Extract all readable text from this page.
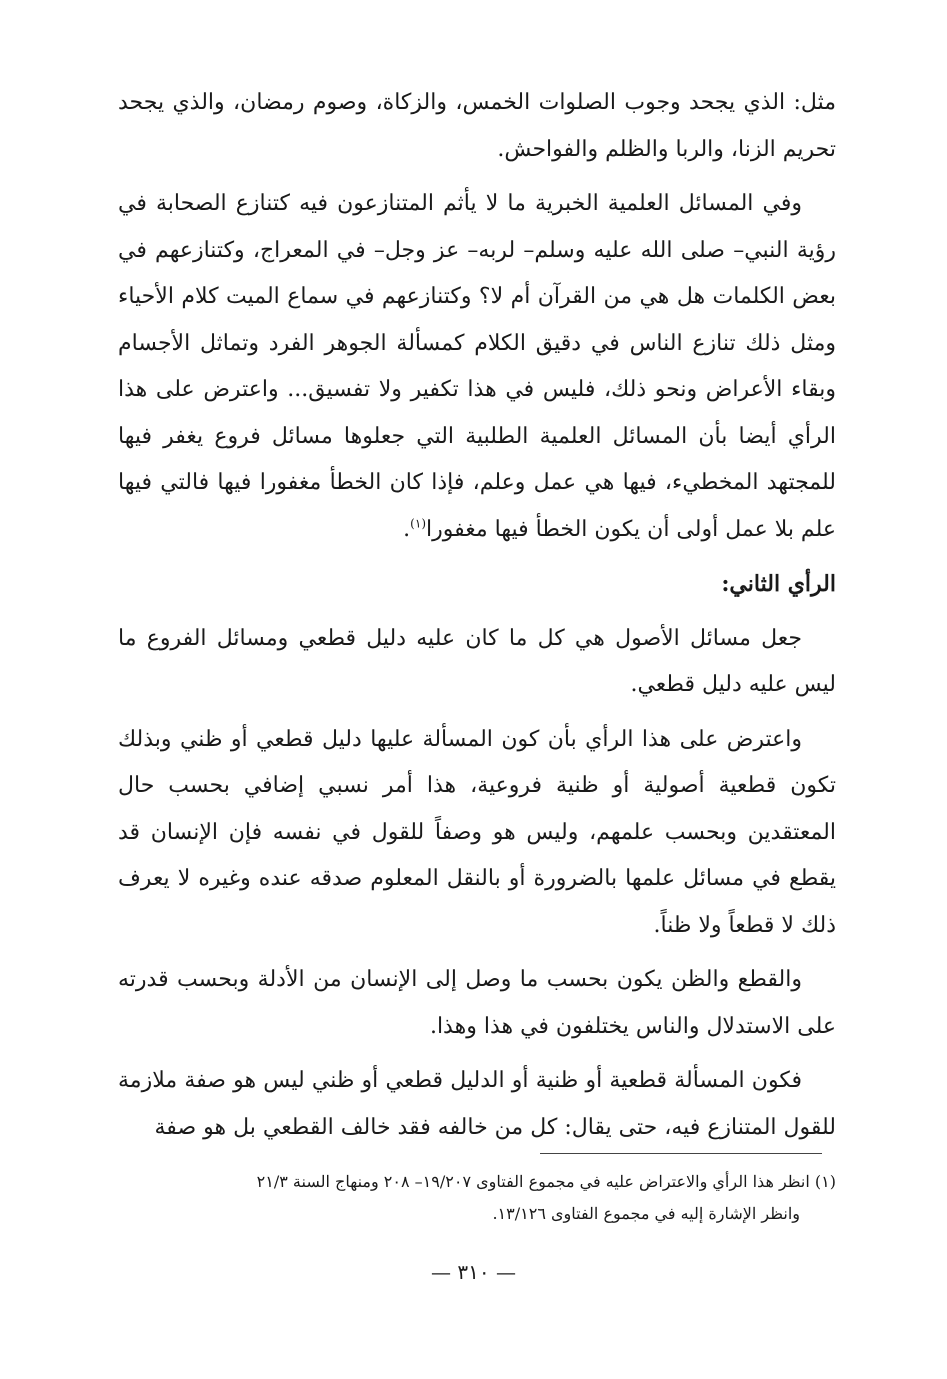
مثل: الذي يجحد وجوب الصلوات الخمس، والزكاة، وصوم رمضان، والذي يجحد تحريم الزنا، والربا والظلم والفواحش.

وفي المسائل العلمية الخبرية ما لا يأثم المتنازعون فيه كتنازع الصحابة في رؤية النبي– صلى الله عليه وسلم– لربه– عز وجل– في المعراج، وكتنازعهم في بعض الكلمات هل هي من القرآن أم لا؟ وكتنازعهم في سماع الميت كلام الأحياء ومثل ذلك تنازع الناس في دقيق الكلام كمسألة الجوهر الفرد وتماثل الأجسام وبقاء الأعراض ونحو ذلك، فليس في هذا تكفير ولا تفسيق... واعترض على هذا الرأي أيضا بأن المسائل العلمية الطلبية التي جعلوها مسائل فروع يغفر فيها للمجتهد المخطيء، فيها هي عمل وعلم، فإذا كان الخطأ مغفورا فيها فالتي فيها علم بلا عمل أولى أن يكون الخطأ فيها مغفورا$^{(١)}$.

الرأي الثاني:

جعل مسائل الأصول هي كل ما كان عليه دليل قطعي ومسائل الفروع ما ليس عليه دليل قطعي.

واعترض على هذا الرأي بأن كون المسألة عليها دليل قطعي أو ظني وبذلك تكون قطعية أصولية أو ظنية فروعية، هذا أمر نسبي إضافي بحسب حال المعتقدين وبحسب علمهم، وليس هو وصفاً للقول في نفسه فإن الإنسان قد يقطع في مسائل علمها بالضرورة أو بالنقل المعلوم صدقه عنده وغيره لا يعرف ذلك لا قطعاً ولا ظناً.

والقطع والظن يكون بحسب ما وصل إلى الإنسان من الأدلة وبحسب قدرته على الاستدلال والناس يختلفون في هذا وهذا.

فكون المسألة قطعية أو ظنية أو الدليل قطعي أو ظني ليس هو صفة ملازمة للقول المتنازع فيه، حتى يقال: كل من خالفه فقد خالف القطعي بل هو صفة

(١) انظر هذا الرأي والاعتراض عليه في مجموع الفتاوى ١٩/٢٠٧– ٢٠٨ ومنهاج السنة ٢١/٣
وانظر الإشارة إليه في مجموع الفتاوى ١٣/١٢٦.
— ٣١٠ —
